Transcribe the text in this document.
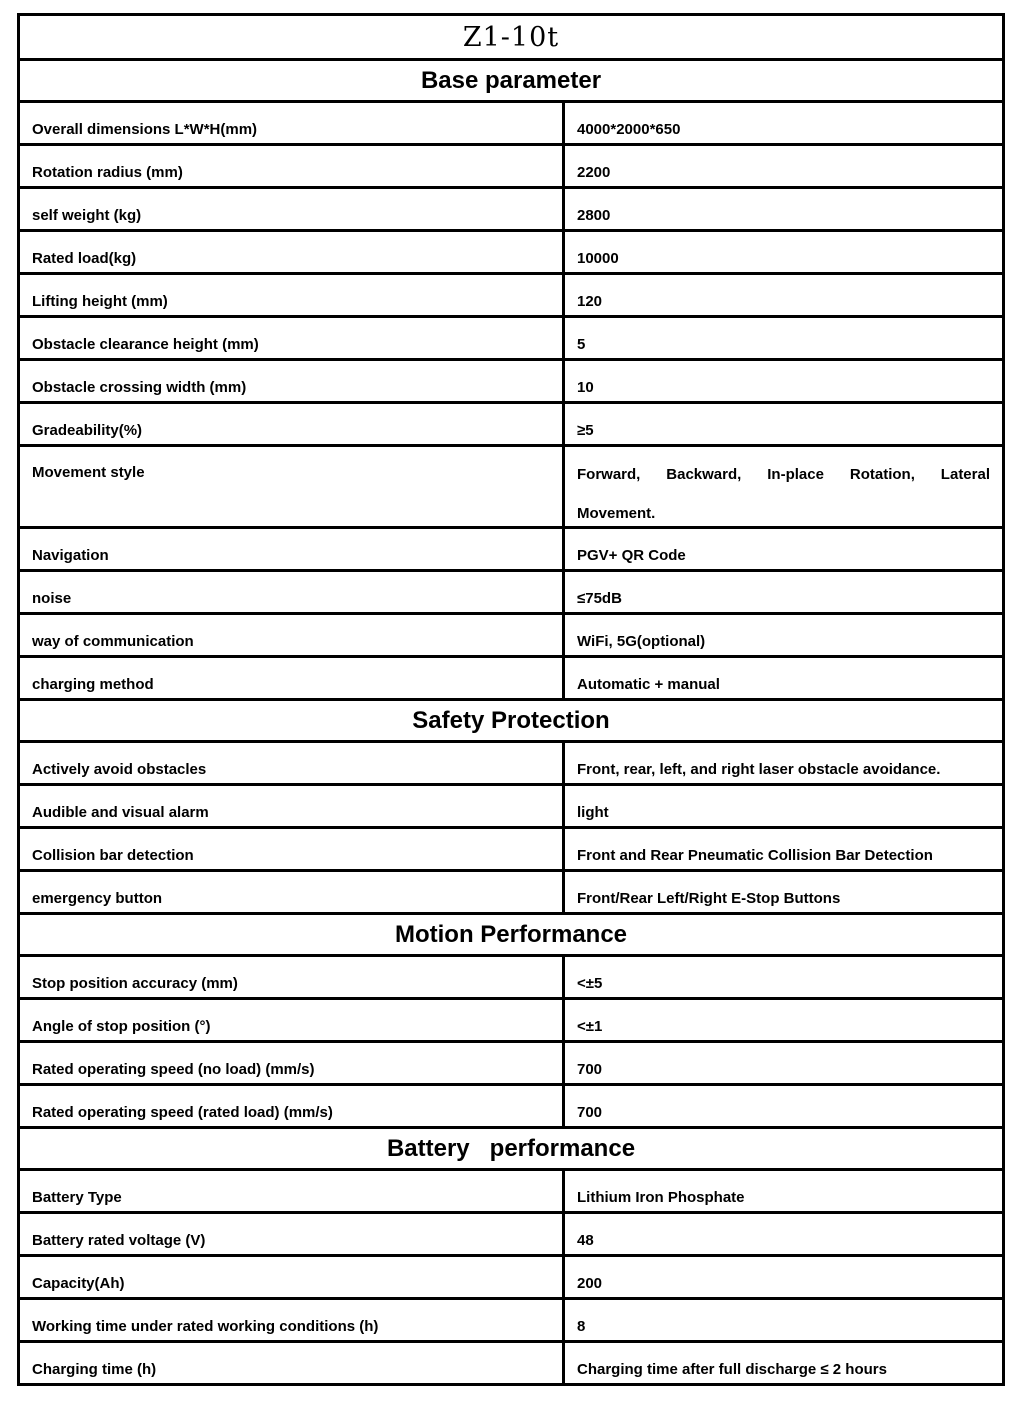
Z1-10t	
Base parameter	
Overall dimensions L*W*H(mm)	4000*2000*650
Rotation radius (mm)	2200
self weight (kg)	2800
Rated load(kg)	10000
Lifting height (mm)	120
Obstacle clearance height (mm)	5
Obstacle crossing width (mm)	10
Gradeability(%)	≥5
Movement style	Forward, Backward, In-place Rotation, Lateral
Movement.

Navigation	PGV+ QR Code
noise	≤75dB
way of communication	WiFi, 5G(optional)
charging method	Automatic + manual
Safety Protection	
Actively avoid obstacles	Front, rear, left, and right laser obstacle avoidance.
Audible and visual alarm	light
Collision bar detection	Front and Rear Pneumatic Collision Bar Detection
emergency button	Front/Rear Left/Right E-Stop Buttons
Motion Performance	
Stop position accuracy (mm)	<±5
Angle of stop position (°)	<±1
Rated operating speed (no load) (mm/s)	700
Rated operating speed (rated load) (mm/s)	700
Battery   performance	
Battery Type	Lithium Iron Phosphate
Battery rated voltage (V)	48
Capacity(Ah)	200
Working time under rated working conditions (h)	8
Charging time (h)	Charging time after full discharge ≤ 2 hours
